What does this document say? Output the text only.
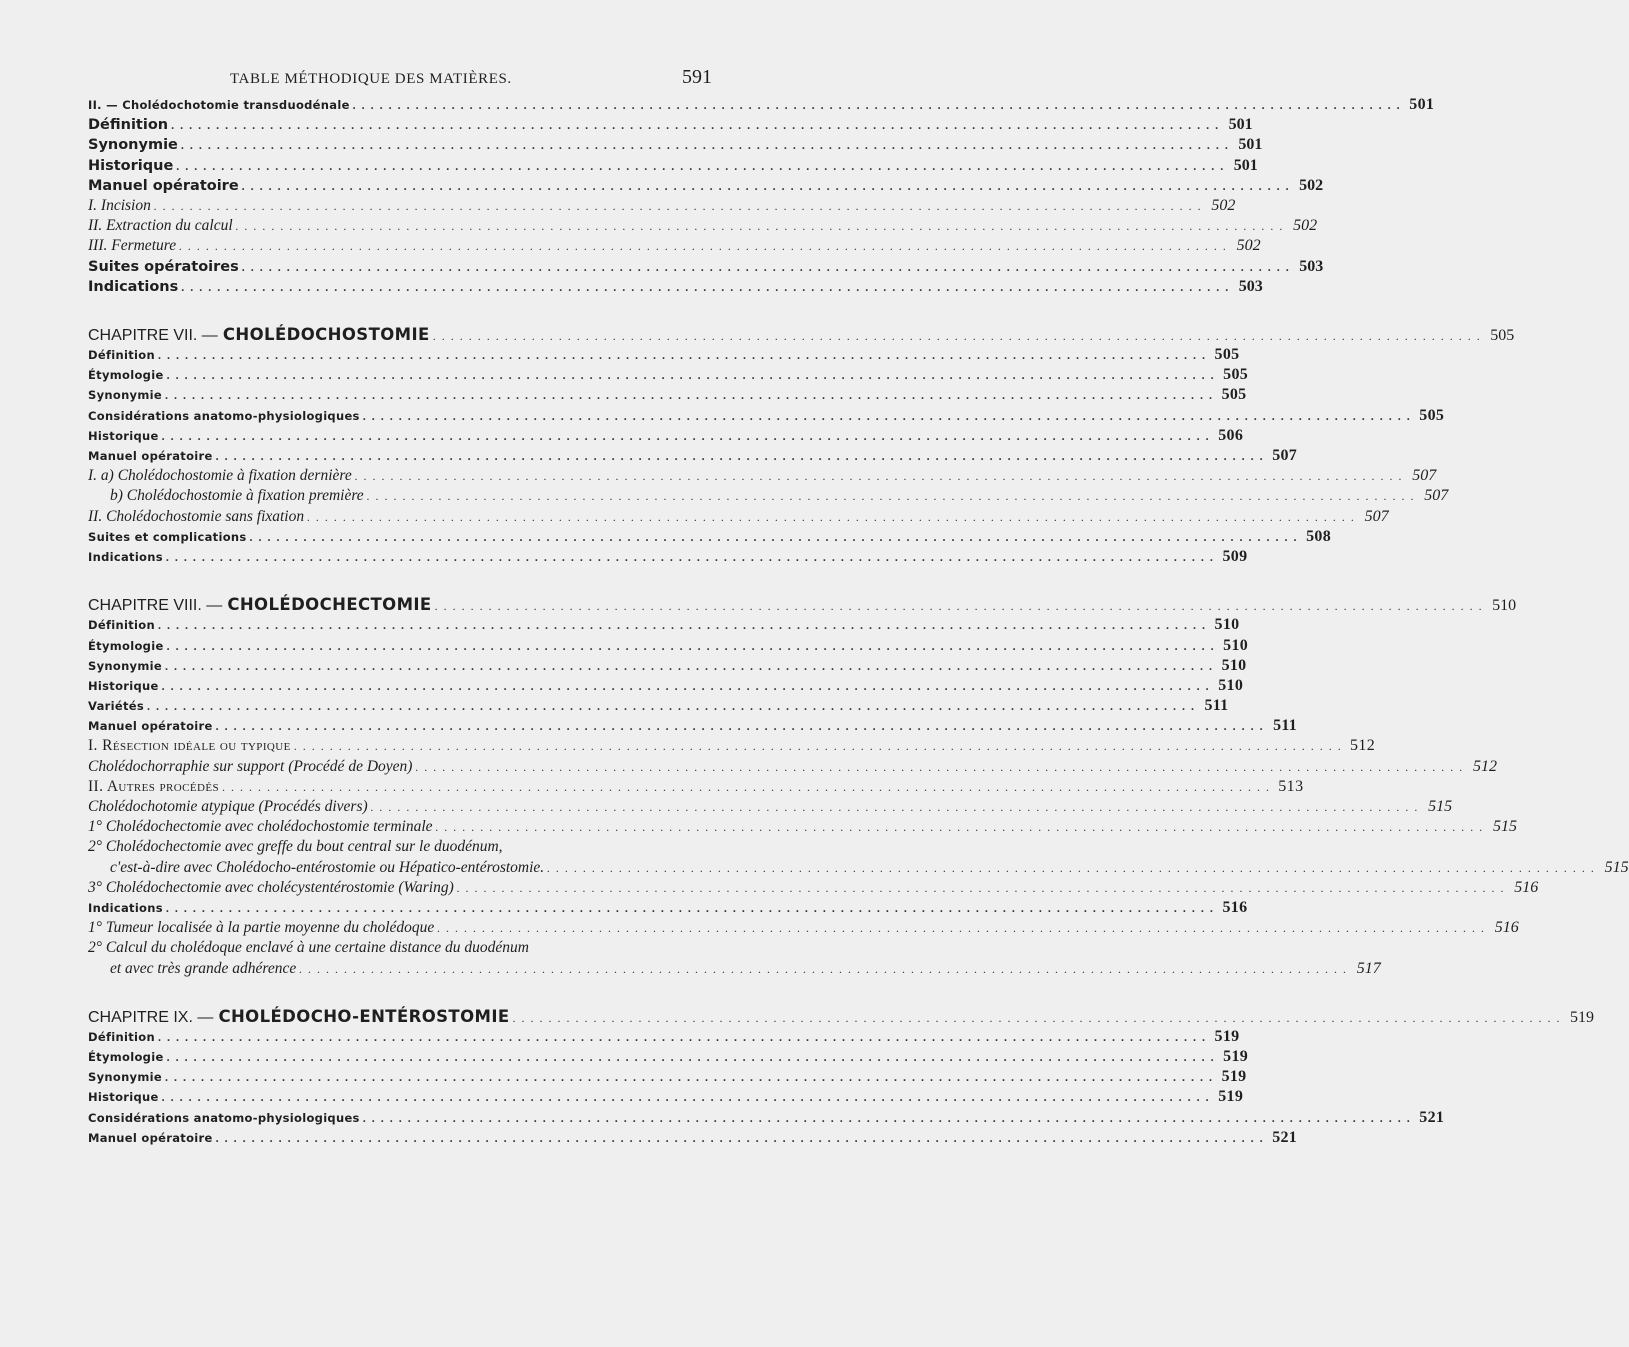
TABLE MÉTHODIQUE DES MATIÈRES.	591
II. — Cholédochotomie transduodénale . . .	501
Définition . . .	501
Synonymie . . .	501
Historique . . .	501
Manuel opératoire . . .	502
I. Incision . . .	502
II. Extraction du calcul . . .	502
III. Fermeture . . .	502
Suites opératoires . . .	503
Indications . . .	503
CHAPITRE VII. — CHOLÉDOCHOSTOMIE . . .	505
Définition . . .	505
Étymologie . . .	505
Synonymie . . .	505
Considérations anatomo-physiologiques . . .	505
Historique . . .	506
Manuel opératoire . . .	507
I. a) Cholédochostomie à fixation dernière . . .	507
b) Cholédochostomie à fixation première . . .	507
II. Cholédochostomie sans fixation . . .	507
Suites et complications . . .	508
Indications . . .	509
CHAPITRE VIII. — CHOLÉDOCHECTOMIE . . .	510
Définition . . .	510
Étymologie . . .	510
Synonymie . . .	510
Historique . . .	510
Variétés . . .	511
Manuel opératoire . . .	511
I. Résection idéale ou typique . . .	512
Cholédochorraphie sur support (Procédé de Doyen) . . .	512
II. Autres procédés . . .	513
Cholédochotomie atypique (Procédés divers) . . .	515
1° Cholédochectomie avec cholédochostomie terminale . . .	515
2° Cholédochectomie avec greffe du bout central sur le duodénum,
c'est-à-dire avec Cholédocho-entérostomie ou Hépatico-entérostomie. . . .	515
3° Cholédochectomie avec cholécystentérostomie (Waring) . . .	516
Indications . . .	516
1° Tumeur localisée à la partie moyenne du cholédoque . . .	516
2° Calcul du cholédoque enclavé à une certaine distance du duodénum
et avec très grande adhérence . . .	517
CHAPITRE IX. — CHOLÉDOCHO-ENTÉROSTOMIE . . .	519
Définition . . .	519
Étymologie . . .	519
Synonymie . . .	519
Historique . . .	519
Considérations anatomo-physiologiques . . .	521
Manuel opératoire . . .	521
